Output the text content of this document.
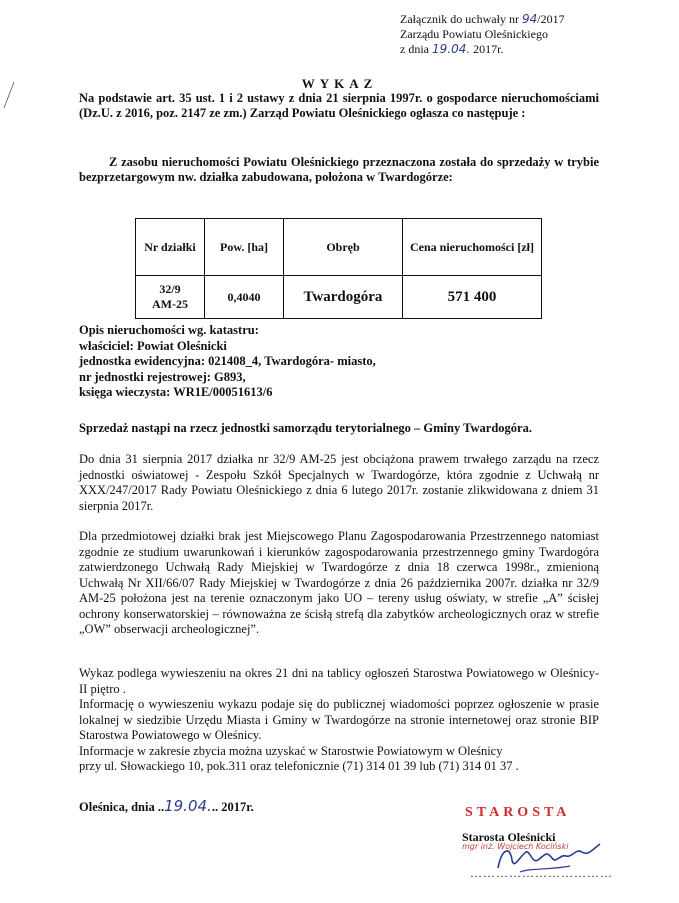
Załącznik do uchwały nr 94/2017
Zarządu Powiatu Oleśnickiego
z dnia 19.04. 2017r.
WYKAZ
Na podstawie art. 35 ust. 1 i 2 ustawy z dnia 21 sierpnia 1997r. o gospodarce nieruchomościami (Dz.U. z 2016, poz. 2147 ze zm.) Zarząd Powiatu Oleśnickiego ogłasza co następuje :
Z zasobu nieruchomości Powiatu Oleśnickiego przeznaczona została do sprzedaży w trybie bezprzetargowym nw. działka zabudowana, położona w Twardogórze:
Nr działki	Pow. [ha]	Obręb	Cena nieruchomości [zł]

32/9
AM-25	0,4040	Twardogóra	571 400
Opis nieruchomości wg. katastru:
właściciel: Powiat Oleśnicki
jednostka ewidencyjna: 021408_4, Twardogóra- miasto,
nr jednostki rejestrowej: G893,
księga wieczysta: WR1E/00051613/6
Sprzedaż nastąpi na rzecz jednostki samorządu terytorialnego – Gminy Twardogóra.
Do dnia 31 sierpnia 2017 działka nr 32/9 AM-25 jest obciążona prawem trwałego zarządu na rzecz jednostki oświatowej - Zespołu Szkół Specjalnych w Twardogórze, która zgodnie z Uchwałą nr XXX/247/2017 Rady Powiatu Oleśnickiego z dnia 6 lutego 2017r. zostanie zlikwidowana z dniem 31 sierpnia 2017r.
Dla przedmiotowej działki brak jest Miejscowego Planu Zagospodarowania Przestrzennego natomiast zgodnie ze studium uwarunkowań i kierunków zagospodarowania przestrzennego gminy Twardogóra zatwierdzonego Uchwałą Rady Miejskiej w Twardogórze z dnia 18 czerwca 1998r., zmienioną Uchwałą Nr XII/66/07 Rady Miejskiej w Twardogórze z dnia 26 października 2007r. działka nr 32/9 AM-25 położona jest na terenie oznaczonym jako UO – tereny usług oświaty, w strefie „A” ścisłej ochrony konserwatorskiej – równoważna ze ścisłą strefą dla zabytków archeologicznych oraz w strefie „OW” obserwacji archeologicznej”.
Wykaz podlega wywieszeniu na okres 21 dni na tablicy ogłoszeń Starostwa Powiatowego w Oleśnicy-II piętro .
Informację o wywieszeniu wykazu podaje się do publicznej wiadomości poprzez ogłoszenie w prasie lokalnej w siedzibie Urzędu Miasta i Gminy w Twardogórze na stronie internetowej oraz stronie BIP Starostwa Powiatowego w Oleśnicy.
Informacje w zakresie zbycia można uzyskać w Starostwie Powiatowym w Oleśnicy
przy ul. Słowackiego 10, pok.311 oraz telefonicznie (71) 314 01 39 lub (71) 314 01 37 .
Oleśnica, dnia ..19.04... 2017r.	STAROSTA
Starosta Oleśnicki
mgr inż. Wojciech Kociński
……………………………
